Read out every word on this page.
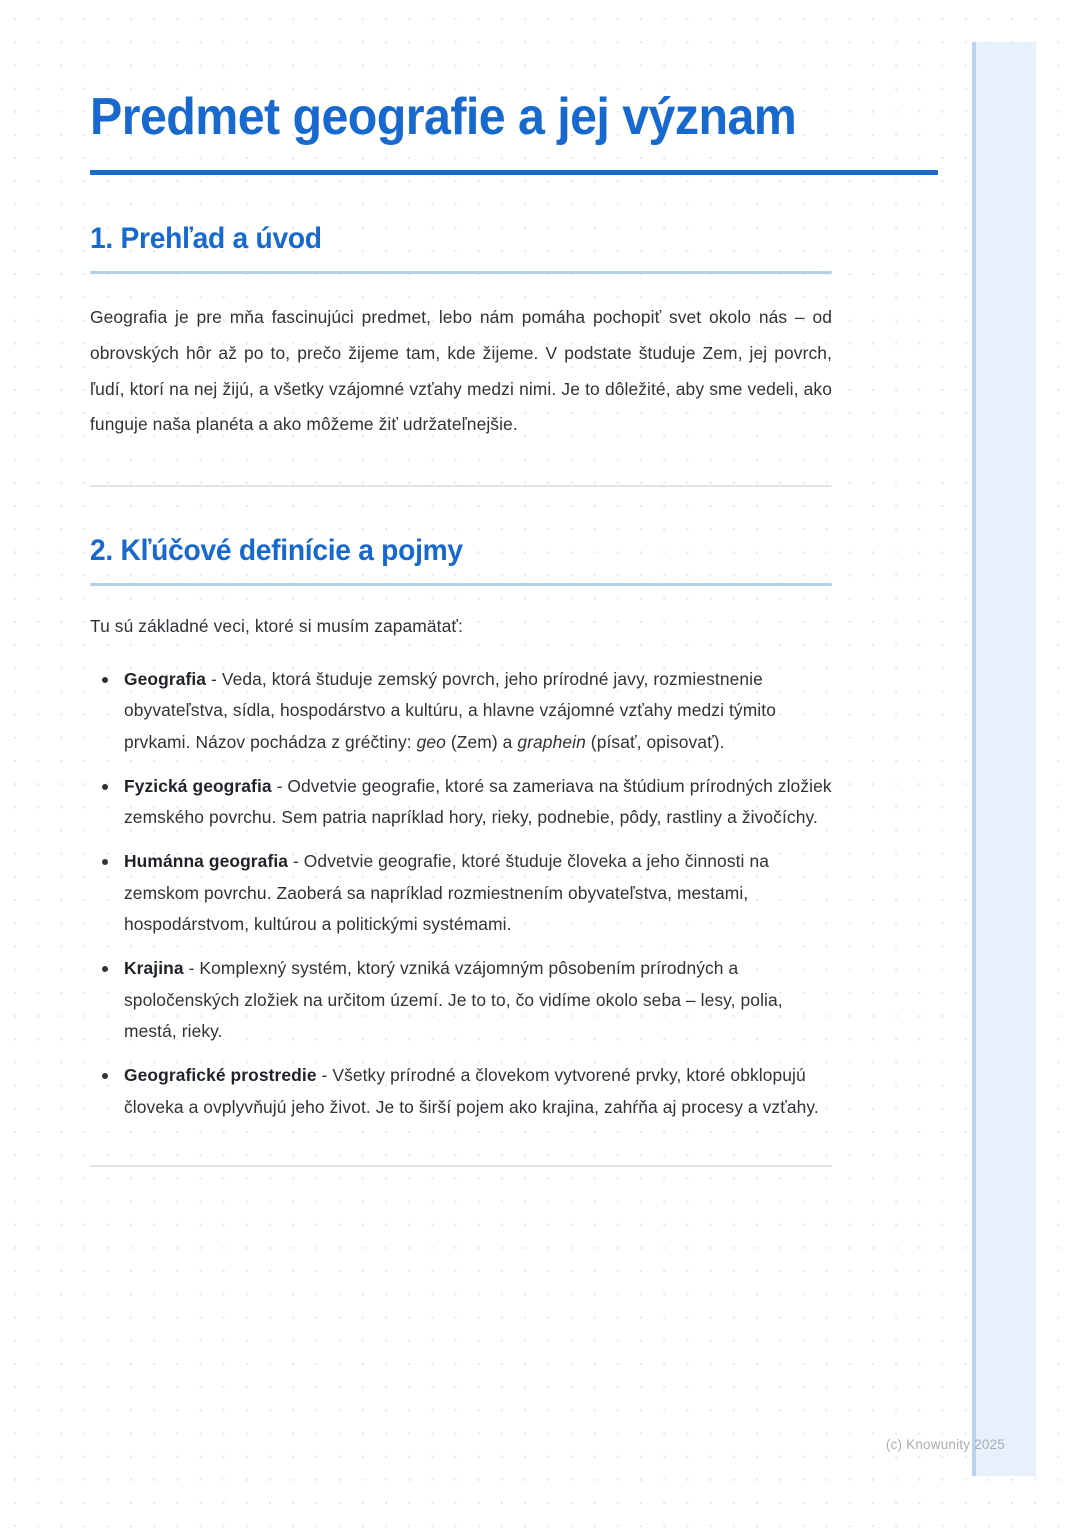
Predmet geografie a jej význam
1. Prehľad a úvod

Geografia je pre mňa fascinujúci predmet, lebo nám pomáha pochopiť svet okolo nás – od obrovských hôr až po to, prečo žijeme tam, kde žijeme. V podstate študuje Zem, jej povrch, ľudí, ktorí na nej žijú, a všetky vzájomné vzťahy medzi nimi. Je to dôležité, aby sme vedeli, ako funguje naša planéta a ako môžeme žiť udržateľnejšie.

2. Kľúčové definície a pojmy

Tu sú základné veci, ktoré si musím zapamätať:

Geografia - Veda, ktorá študuje zemský povrch, jeho prírodné javy, rozmiestnenie obyvateľstva, sídla, hospodárstvo a kultúru, a hlavne vzájomné vzťahy medzi týmito prvkami. Názov pochádza z gréčtiny: geo (Zem) a graphein (písať, opisovať).
Fyzická geografia - Odvetvie geografie, ktoré sa zameriava na štúdium prírodných zložiek zemského povrchu. Sem patria napríklad hory, rieky, podnebie, pôdy, rastliny a živočíchy.
Humánna geografia - Odvetvie geografie, ktoré študuje človeka a jeho činnosti na zemskom povrchu. Zaoberá sa napríklad rozmiestnením obyvateľstva, mestami, hospodárstvom, kultúrou a politickými systémami.
Krajina - Komplexný systém, ktorý vzniká vzájomným pôsobením prírodných a spoločenských zložiek na určitom území. Je to to, čo vidíme okolo seba – lesy, polia, mestá, rieky.
Geografické prostredie - Všetky prírodné a človekom vytvorené prvky, ktoré obklopujú človeka a ovplyvňujú jeho život. Je to širší pojem ako krajina, zahŕňa aj procesy a vzťahy.
(c) Knowunity 2025
